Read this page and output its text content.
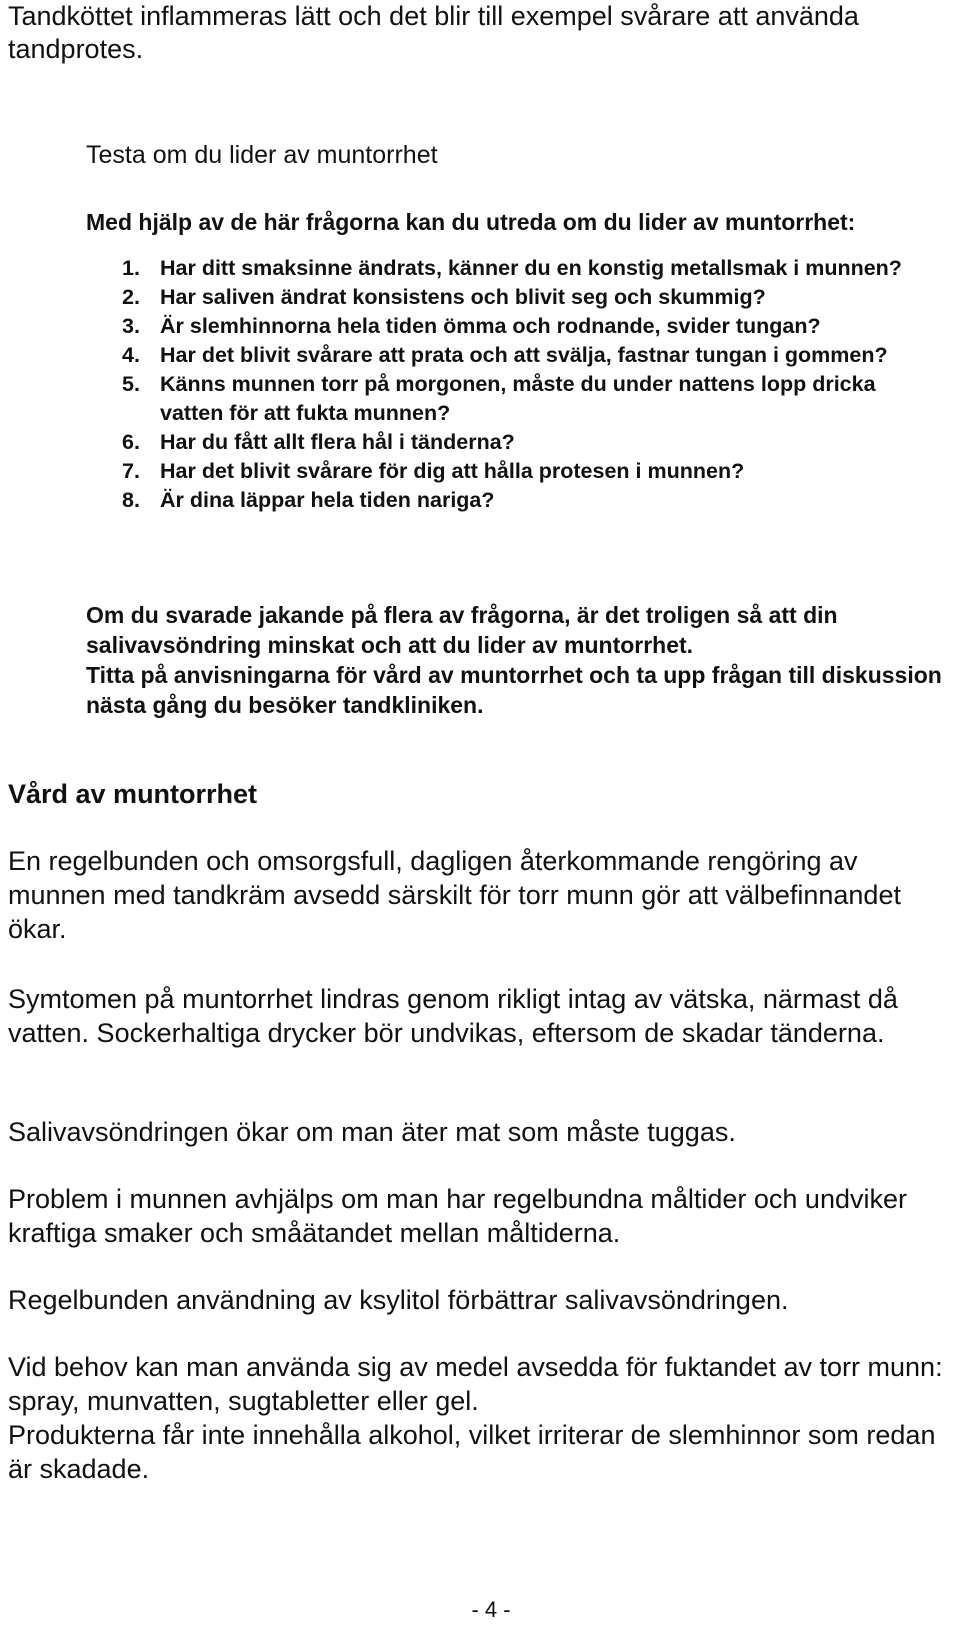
Tandköttet inflammeras lätt och det blir till exempel svårare att använda tandprotes.

Testa om du lider av muntorrhet

Med hjälp av de här frågorna kan du utreda om du lider av muntorrhet:

1. Har ditt smaksinne ändrats, känner du en konstig metallsmak i munnen?
2. Har saliven ändrat konsistens och blivit seg och skummig?
3. Är slemhinnorna hela tiden ömma och rodnande, svider tungan?
4. Har det blivit svårare att prata och att svälja, fastnar tungan i gommen?
5. Känns munnen torr på morgonen, måste du under nattens lopp dricka vatten för att fukta munnen?
6. Har du fått allt flera hål i tänderna?
7. Har det blivit svårare för dig att hålla protesen i munnen?
8. Är dina läppar hela tiden nariga?

Om du svarade jakande på flera av frågorna, är det troligen så att din salivavsöndring minskat och att du lider av muntorrhet.

Titta på anvisningarna för vård av muntorrhet och ta upp frågan till diskussion nästa gång du besöker tandkliniken.

Vård av muntorrhet

En regelbunden och omsorgsfull, dagligen återkommande rengöring av munnen med tandkräm avsedd särskilt för torr munn gör att välbefinnandet ökar.

Symtomen på muntorrhet lindras genom rikligt intag av vätska, närmast då vatten. Sockerhaltiga drycker bör undvikas, eftersom de skadar tänderna.

Salivavsöndringen ökar om man äter mat som måste tuggas.

Problem i munnen avhjälps om man har regelbundna måltider och undviker kraftiga smaker och småätandet mellan måltiderna.

Regelbunden användning av ksylitol förbättrar salivavsöndringen.

Vid behov kan man använda sig av medel avsedda för fuktandet av torr munn: spray, munvatten, sugtabletter eller gel.

Produkterna får inte innehålla alkohol, vilket irriterar de slemhinnor som redan är skadade.

- 4 -
